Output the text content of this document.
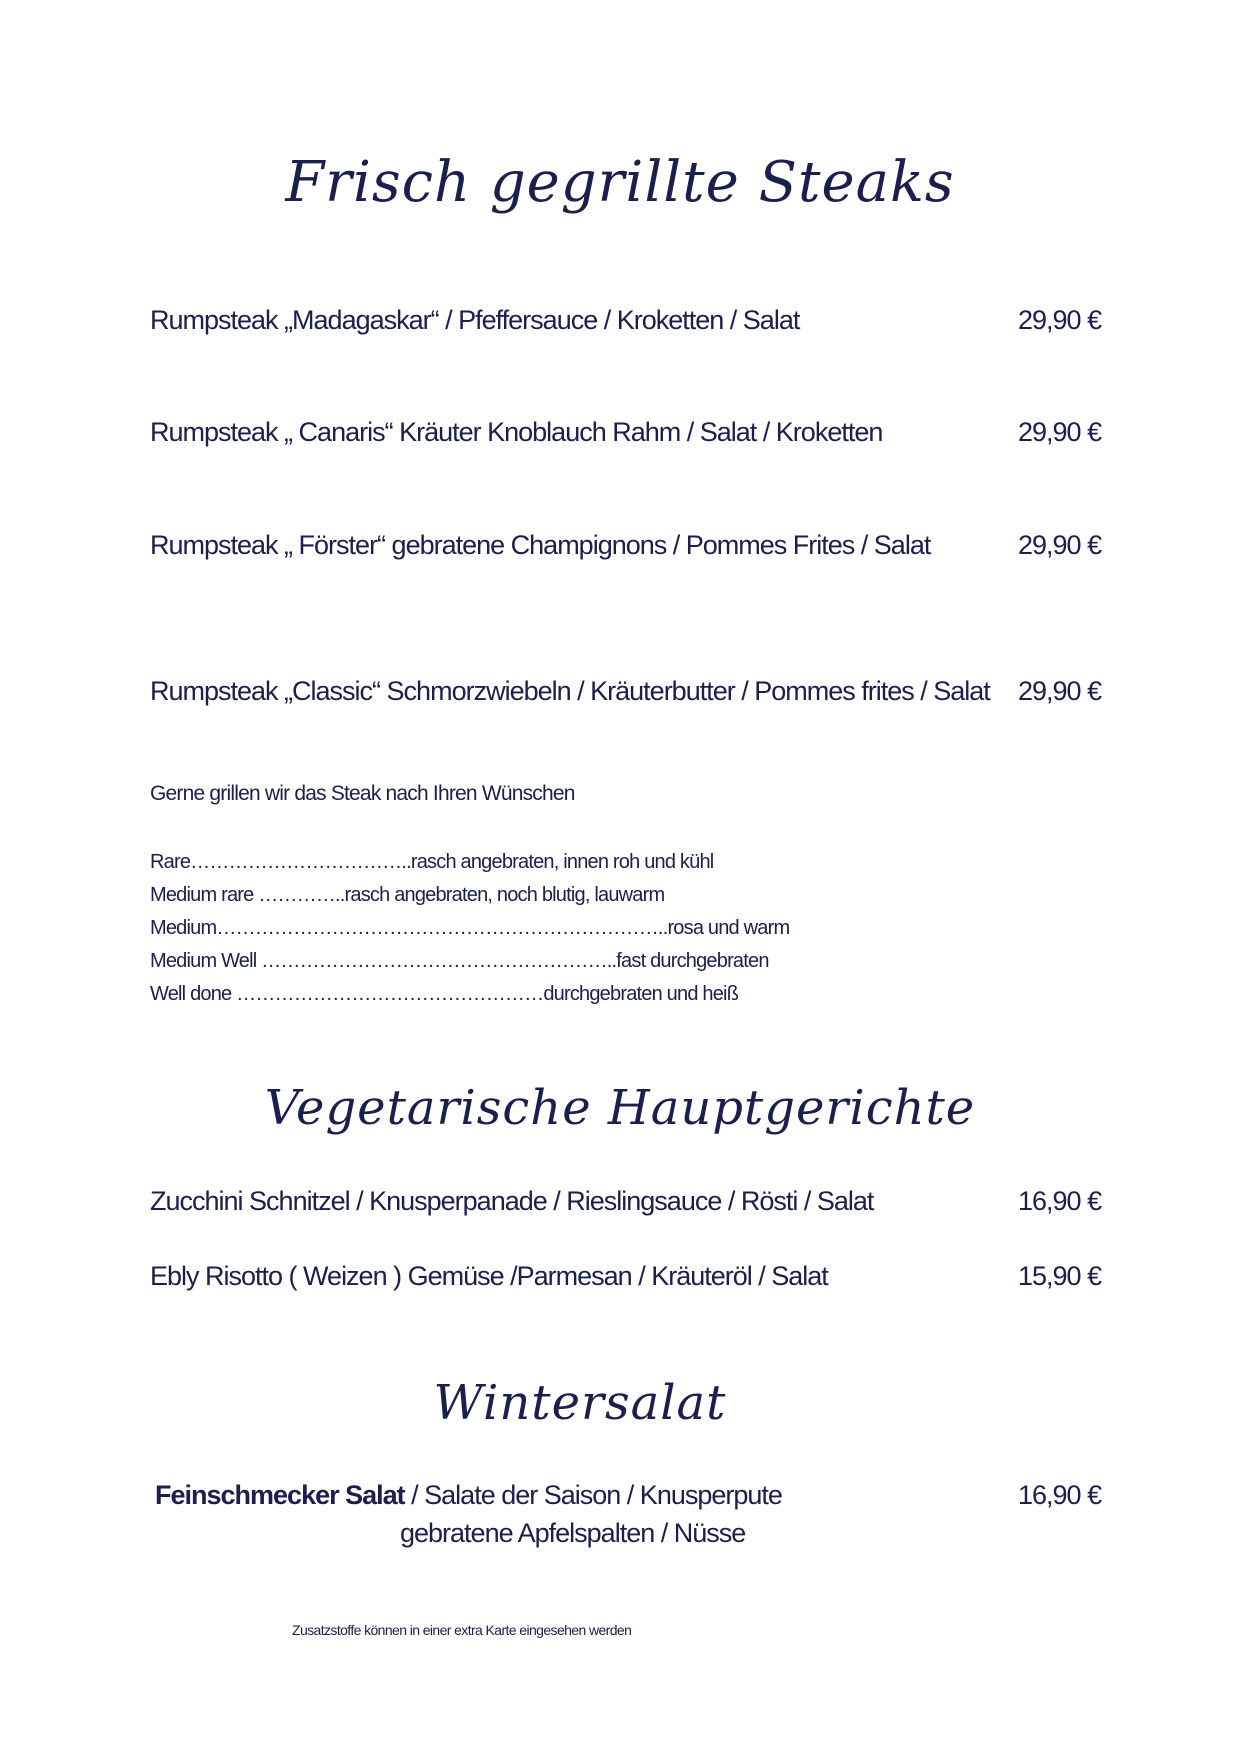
Frisch gegrillte Steaks
Rumpsteak „Madagaskar“ / Pfeffersauce / Kroketten / Salat	29,90 €
Rumpsteak „ Canaris“ Kräuter Knoblauch Rahm / Salat / Kroketten	29,90 €
Rumpsteak „ Förster“ gebratene Champignons / Pommes Frites / Salat	29,90 €
Rumpsteak „Classic“ Schmorzwiebeln / Kräuterbutter / Pommes frites / Salat 29,90 €
Gerne grillen wir das Steak nach Ihren Wünschen
Rare……………………………..rasch angebraten, innen roh und kühl
Medium rare …………..rasch angebraten, noch blutig, lauwarm
Medium……………………………………………………………..rosa und warm
Medium Well ………………………………………………..fast durchgebraten
Well done …………………………………………durchgebraten und heiß
Vegetarische Hauptgerichte
Zucchini Schnitzel / Knusperpanade / Rieslingsauce / Rösti / Salat	16,90 €
Ebly Risotto ( Weizen ) Gemüse /Parmesan / Kräuteröl / Salat	15,90 €
Wintersalat
Feinschmecker Salat / Salate der Saison / Knusperpute	16,90 €
gebratene Apfelspalten / Nüsse
Zusatzstoffe können in einer extra Karte eingesehen werden
